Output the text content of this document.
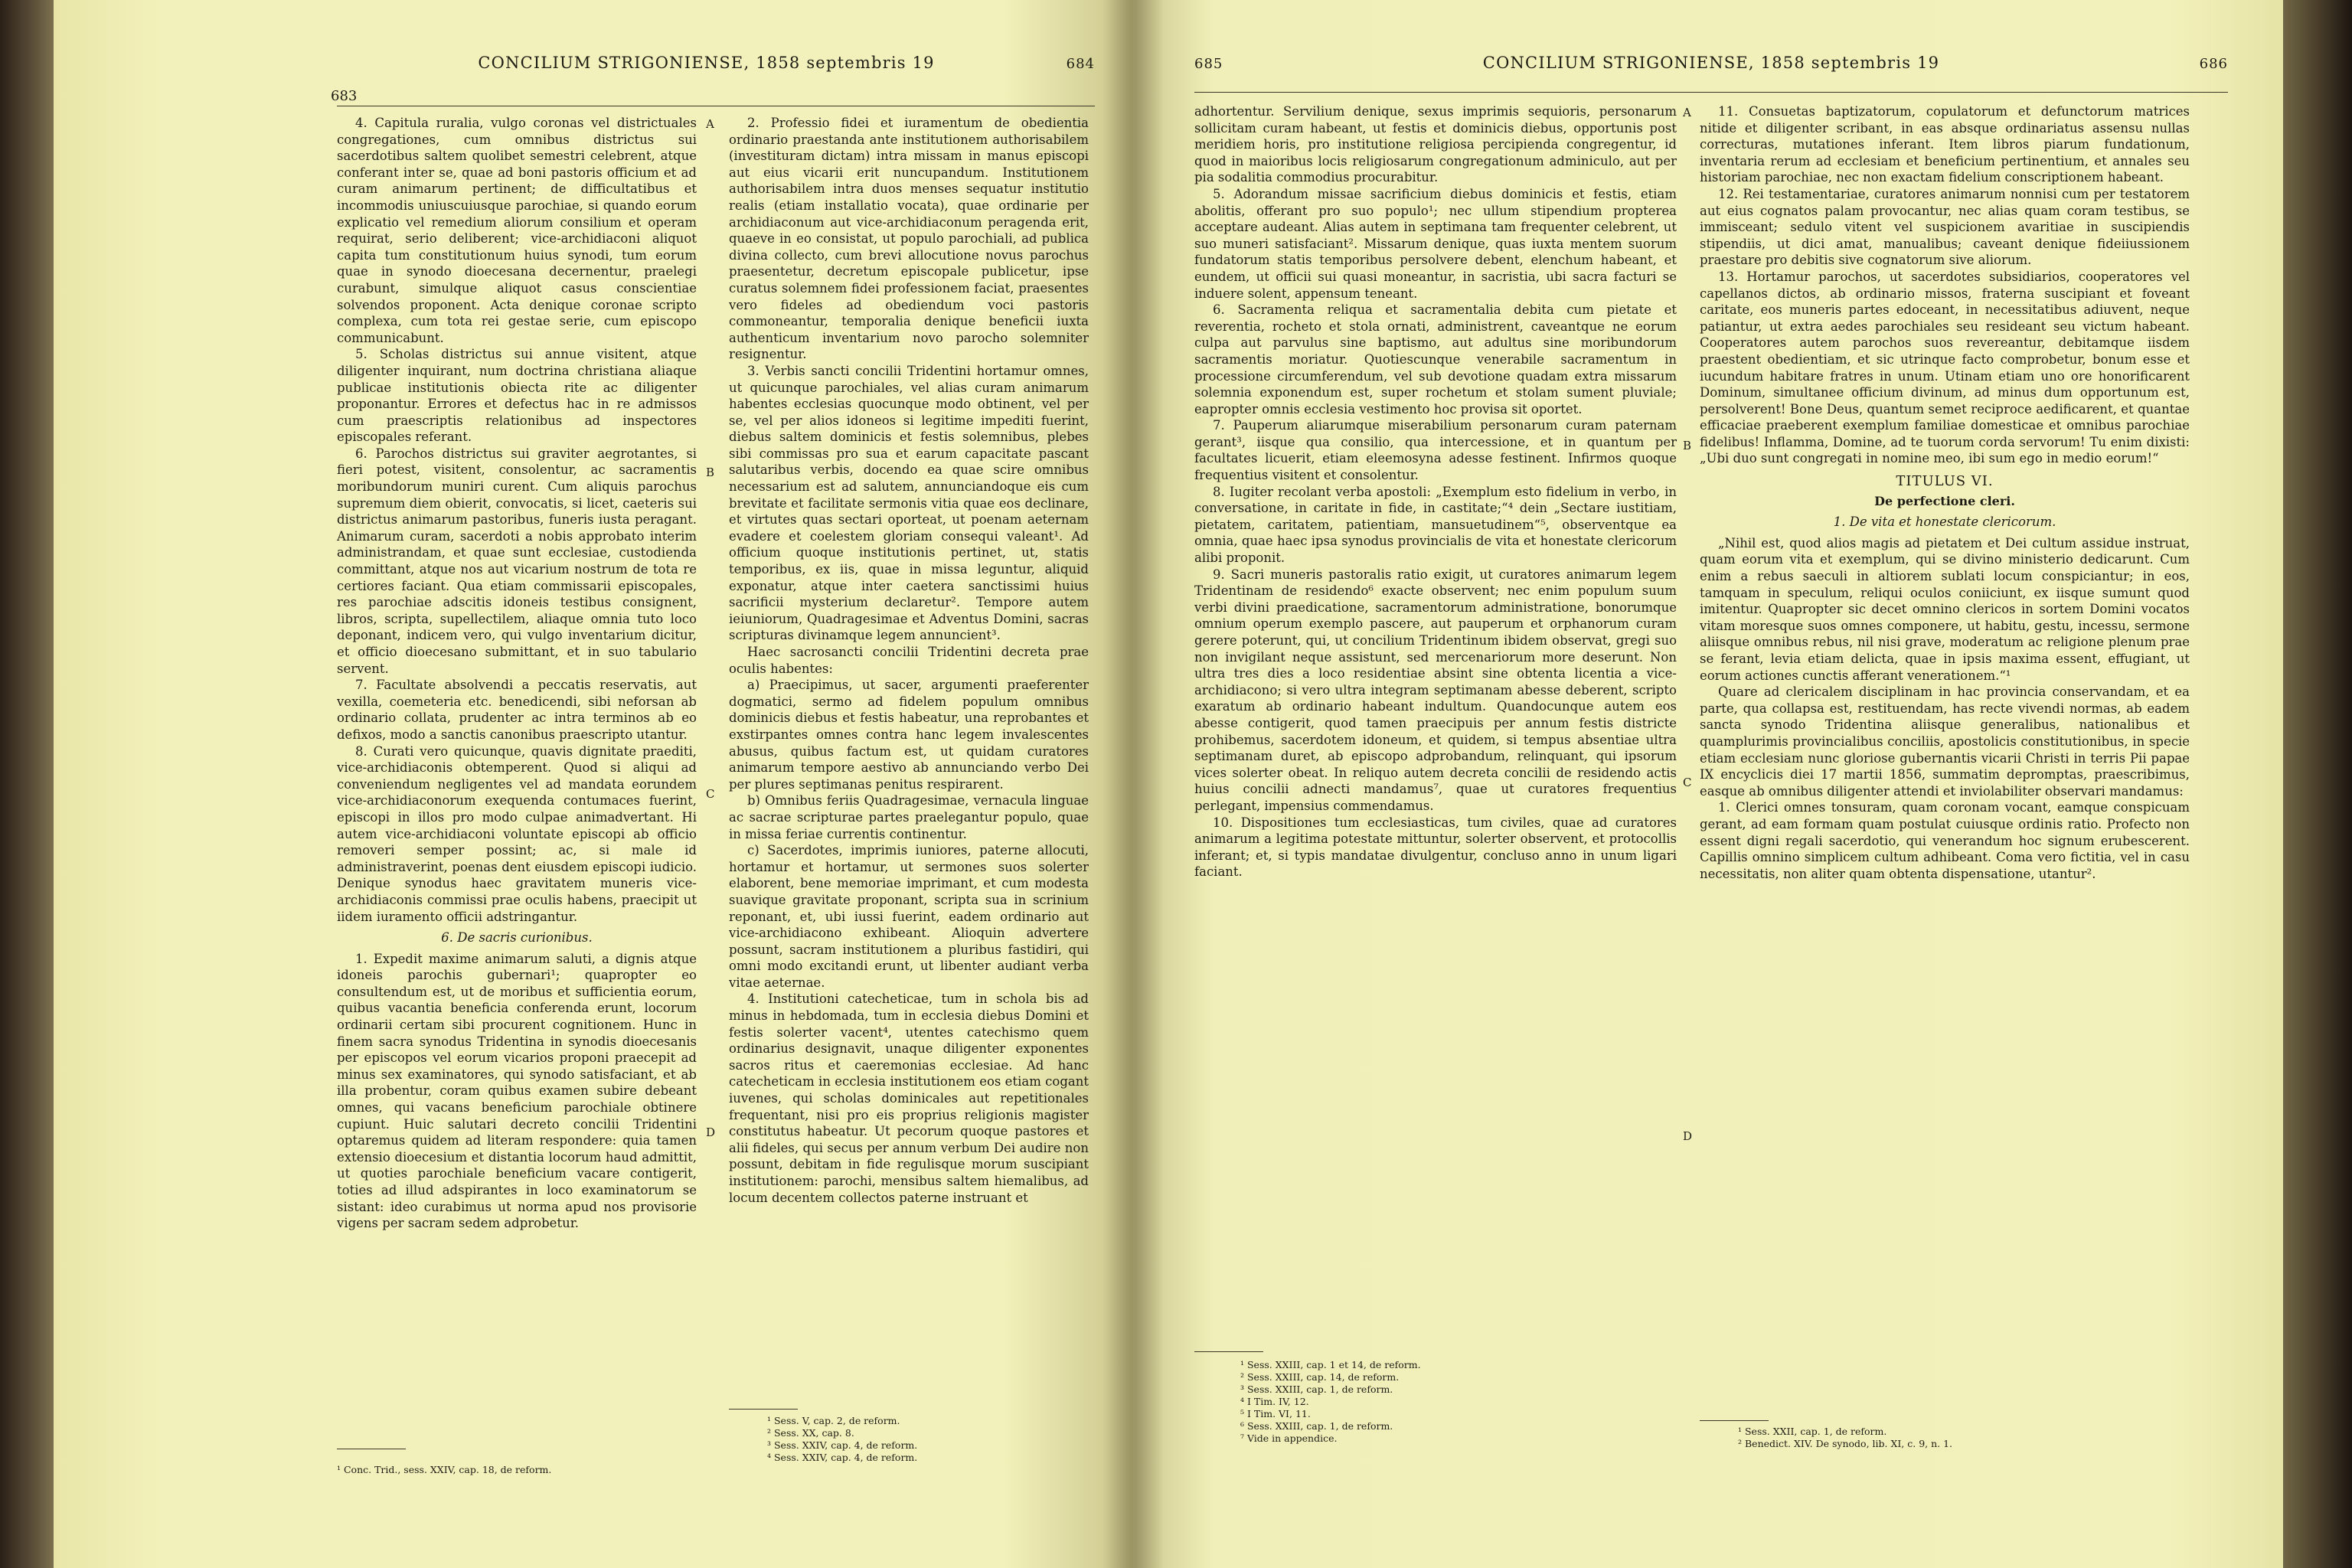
683
CONCILIUM STRIGONIENSE, 1858 septembris 19	684

4. Capitula ruralia, vulgo coronas vel districtuales congregationes, cum omnibus districtus sui sacerdotibus saltem quolibet semestri celebrent, atque conferant inter se, quae ad boni pastoris officium et ad curam animarum pertinent; de difficultatibus et incommodis uniuscuiusque parochiae, si quando eorum explicatio vel remedium aliorum consilium et operam requirat, serio deliberent; vice-archidiaconi aliquot capita tum constitutionum huius synodi, tum eorum quae in synodo dioecesana decernentur, praelegi curabunt, simulque aliquot casus conscientiae solvendos proponent. Acta denique coronae scripto complexa, cum tota rei gestae serie, cum episcopo communicabunt.

5. Scholas districtus sui annue visitent, atque diligenter inquirant, num doctrina christiana aliaque publicae institutionis obiecta rite ac diligenter proponantur. Errores et defectus hac in re admissos cum praescriptis relationibus ad inspectores episcopales referant.

6. Parochos districtus sui graviter aegrotantes, si fieri potest, visitent, consolentur, ac sacramentis moribundorum muniri curent. Cum aliquis parochus supremum diem obierit, convocatis, si licet, caeteris sui districtus animarum pastoribus, funeris iusta peragant. Animarum curam, sacerdoti a nobis approbato interim administrandam, et quae sunt ecclesiae, custodienda committant, atque nos aut vicarium nostrum de tota re certiores faciant. Qua etiam commissarii episcopales, res parochiae adscitis idoneis testibus consignent, libros, scripta, supellectilem, aliaque omnia tuto loco deponant, indicem vero, qui vulgo inventarium dicitur, et officio dioecesano submittant, et in suo tabulario servent.

7. Facultate absolvendi a peccatis reservatis, aut vexilla, coemeteria etc. benedicendi, sibi neforsan ab ordinario collata, prudenter ac intra terminos ab eo defixos, modo a sanctis canonibus praescripto utantur.

8. Curati vero quicunque, quavis dignitate praediti, vice-archidiaconis obtemperent. Quod si aliqui ad conveniendum negligentes vel ad mandata eorundem vice-archidiaconorum exequenda contumaces fuerint, episcopi in illos pro modo culpae animadvertant. Hi autem vice-archidiaconi voluntate episcopi ab officio removeri semper possint; ac, si male id administraverint, poenas dent eiusdem episcopi iudicio. Denique synodus haec gravitatem muneris vice-archidiaconis commissi prae oculis habens, praecipit ut iidem iuramento officii adstringantur.

6. De sacris curionibus.

1. Expedit maxime animarum saluti, a dignis atque idoneis parochis gubernari¹; quapropter eo consultendum est, ut de moribus et sufficientia eorum, quibus vacantia beneficia conferenda erunt, locorum ordinarii certam sibi procurent cognitionem. Hunc in finem sacra synodus Tridentina in synodis dioecesanis per episcopos vel eorum vicarios proponi praecepit ad minus sex examinatores, qui synodo satisfaciant, et ab illa probentur, coram quibus examen subire debeant omnes, qui vacans beneficium parochiale obtinere cupiunt. Huic salutari decreto concilii Tridentini optaremus quidem ad literam respondere: quia tamen extensio dioecesium et distantia locorum haud admittit, ut quoties parochiale beneficium vacare contigerit, toties ad illud adspirantes in loco examinatorum se sistant: ideo curabimus ut norma apud nos provisorie vigens per sacram sedem adprobetur.

A
B
C
D

2. Professio fidei et iuramentum de obedientia ordinario praestanda ante institutionem authorisabilem (investituram dictam) intra missam in manus episcopi aut eius vicarii erit nuncupandum. Institutionem authorisabilem intra duos menses sequatur institutio realis (etiam installatio vocata), quae ordinarie per archidiaconum aut vice-archidiaconum peragenda erit, quaeve in eo consistat, ut populo parochiali, ad publica divina collecto, cum brevi allocutione novus parochus praesentetur, decretum episcopale publicetur, ipse curatus solemnem fidei professionem faciat, praesentes vero fideles ad obediendum voci pastoris commoneantur, temporalia denique beneficii iuxta authenticum inventarium novo parocho solemniter resignentur.

3. Verbis sancti concilii Tridentini hortamur omnes, ut quicunque parochiales, vel alias curam animarum habentes ecclesias quocunque modo obtinent, vel per se, vel per alios idoneos si legitime impediti fuerint, diebus saltem dominicis et festis solemnibus, plebes sibi commissas pro sua et earum capacitate pascant salutaribus verbis, docendo ea quae scire omnibus necessarium est ad salutem, annunciandoque eis cum brevitate et facilitate sermonis vitia quae eos declinare, et virtutes quas sectari oporteat, ut poenam aeternam evadere et coelestem gloriam consequi valeant¹. Ad officium quoque institutionis pertinet, ut, statis temporibus, ex iis, quae in missa leguntur, aliquid exponatur, atque inter caetera sanctissimi huius sacrificii mysterium declaretur². Tempore autem ieiuniorum, Quadragesimae et Adventus Domini, sacras scripturas divinamque legem annuncient³.

Haec sacrosancti concilii Tridentini decreta prae oculis habentes:

a) Praecipimus, ut sacer, argumenti praeferenter dogmatici, sermo ad fidelem populum omnibus dominicis diebus et festis habeatur, una reprobantes et exstirpantes omnes contra hanc legem invalescentes abusus, quibus factum est, ut quidam curatores animarum tempore aestivo ab annunciando verbo Dei per plures septimanas penitus respirarent.

b) Omnibus feriis Quadragesimae, vernacula linguae ac sacrae scripturae partes praelegantur populo, quae in missa feriae currentis continentur.

c) Sacerdotes, imprimis iuniores, paterne allocuti, hortamur et hortamur, ut sermones suos solerter elaborent, bene memoriae imprimant, et cum modesta suavique gravitate proponant, scripta sua in scrinium reponant, et, ubi iussi fuerint, eadem ordinario aut vice-archidiacono exhibeant. Alioquin advertere possunt, sacram institutionem a pluribus fastidiri, qui omni modo excitandi erunt, ut libenter audiant verba vitae aeternae.

4. Institutioni catecheticae, tum in schola bis ad minus in hebdomada, tum in ecclesia diebus Domini et festis solerter vacent⁴, utentes catechismo quem ordinarius designavit, unaque diligenter exponentes sacros ritus et caeremonias ecclesiae. Ad hanc catecheticam in ecclesia institutionem eos etiam cogant iuvenes, qui scholas dominicales aut repetitionales frequentant, nisi pro eis proprius religionis magister constitutus habeatur. Ut pecorum quoque pastores et alii fideles, qui secus per annum verbum Dei audire non possunt, debitam in fide regulisque morum suscipiant institutionem: parochi, mensibus saltem hiemalibus, ad locum decentem collectos paterne instruant et

¹ Conc. Trid., sess. XXIV, cap. 18, de reform.
¹ Sess. V, cap. 2, de reform.
² Sess. XX, cap. 8.
³ Sess. XXIV, cap. 4, de reform.
⁴ Sess. XXIV, cap. 4, de reform.
685	CONCILIUM STRIGONIENSE, 1858 septembris 19	686

adhortentur. Servilium denique, sexus imprimis sequioris, personarum sollicitam curam habeant, ut festis et dominicis diebus, opportunis post meridiem horis, pro institutione religiosa percipienda congregentur, id quod in maioribus locis religiosarum congregationum adminiculo, aut per pia sodalitia commodius procurabitur.

5. Adorandum missae sacrificium diebus dominicis et festis, etiam abolitis, offerant pro suo populo¹; nec ullum stipendium propterea acceptare audeant. Alias autem in septimana tam frequenter celebrent, ut suo muneri satisfaciant². Missarum denique, quas iuxta mentem suorum fundatorum statis temporibus persolvere debent, elenchum habeant, et eundem, ut officii sui quasi moneantur, in sacristia, ubi sacra facturi se induere solent, appensum teneant.

6. Sacramenta reliqua et sacramentalia debita cum pietate et reverentia, rocheto et stola ornati, administrent, caveantque ne eorum culpa aut parvulus sine baptismo, aut adultus sine moribundorum sacramentis moriatur. Quotiescunque venerabile sacramentum in processione circumferendum, vel sub devotione quadam extra missarum solemnia exponendum est, super rochetum et stolam sument pluviale; eapropter omnis ecclesia vestimento hoc provisa sit oportet.

7. Pauperum aliarumque miserabilium personarum curam paternam gerant³, iisque qua consilio, qua intercessione, et in quantum per facultates licuerit, etiam eleemosyna adesse festinent. Infirmos quoque frequentius visitent et consolentur.

8. Iugiter recolant verba apostoli: „Exemplum esto fidelium in verbo, in conversatione, in caritate in fide, in castitate;“⁴ dein „Sectare iustitiam, pietatem, caritatem, patientiam, mansuetudinem“⁵, observentque ea omnia, quae haec ipsa synodus provincialis de vita et honestate clericorum alibi proponit.

9. Sacri muneris pastoralis ratio exigit, ut curatores animarum legem Tridentinam de residendo⁶ exacte observent; nec enim populum suum verbi divini praedicatione, sacramentorum administratione, bonorumque omnium operum exemplo pascere, aut pauperum et orphanorum curam gerere poterunt, qui, ut concilium Tridentinum ibidem observat, gregi suo non invigilant neque assistunt, sed mercenariorum more deserunt. Non ultra tres dies a loco residentiae absint sine obtenta licentia a vice-archidiacono; si vero ultra integram septimanam abesse deberent, scripto exaratum ab ordinario habeant indultum. Quandocunque autem eos abesse contigerit, quod tamen praecipuis per annum festis districte prohibemus, sacerdotem idoneum, et quidem, si tempus absentiae ultra septimanam duret, ab episcopo adprobandum, relinquant, qui ipsorum vices solerter obeat. In reliquo autem decreta concilii de residendo actis huius concilii adnecti mandamus⁷, quae ut curatores frequentius perlegant, impensius commendamus.

10. Dispositiones tum ecclesiasticas, tum civiles, quae ad curatores animarum a legitima potestate mittuntur, solerter observent, et protocollis inferant; et, si typis mandatae divulgentur, concluso anno in unum ligari faciant.

A
B
C
D

11. Consuetas baptizatorum, copulatorum et defunctorum matrices nitide et diligenter scribant, in eas absque ordinariatus assensu nullas correcturas, mutationes inferant. Item libros piarum fundationum, inventaria rerum ad ecclesiam et beneficium pertinentium, et annales seu historiam parochiae, nec non exactam fidelium conscriptionem habeant.

12. Rei testamentariae, curatores animarum nonnisi cum per testatorem aut eius cognatos palam provocantur, nec alias quam coram testibus, se immisceant; sedulo vitent vel suspicionem avaritiae in suscipiendis stipendiis, ut dici amat, manualibus; caveant denique fideiiussionem praestare pro debitis sive cognatorum sive aliorum.

13. Hortamur parochos, ut sacerdotes subsidiarios, cooperatores vel capellanos dictos, ab ordinario missos, fraterna suscipiant et foveant caritate, eos muneris partes edoceant, in necessitatibus adiuvent, neque patiantur, ut extra aedes parochiales seu resideant seu victum habeant. Cooperatores autem parochos suos revereantur, debitamque iisdem praestent obedientiam, et sic utrinque facto comprobetur, bonum esse et iucundum habitare fratres in unum. Utinam etiam uno ore honorificarent Dominum, simultanee officium divinum, ad minus dum opportunum est, persolverent! Bone Deus, quantum semet reciproce aedificarent, et quantae efficaciae praeberent exemplum familiae domesticae et omnibus parochiae fidelibus! Inflamma, Domine, ad te tuorum corda servorum! Tu enim dixisti: „Ubi duo sunt congregati in nomine meo, ibi sum ego in medio eorum!“

TITULUS VI.

De perfectione cleri.

1. De vita et honestate clericorum.

„Nihil est, quod alios magis ad pietatem et Dei cultum assidue instruat, quam eorum vita et exemplum, qui se divino ministerio dedicarunt. Cum enim a rebus saeculi in altiorem sublati locum conspiciantur; in eos, tamquam in speculum, reliqui oculos coniiciunt, ex iisque sumunt quod imitentur. Quapropter sic decet omnino clericos in sortem Domini vocatos vitam moresque suos omnes componere, ut habitu, gestu, incessu, sermone aliisque omnibus rebus, nil nisi grave, moderatum ac religione plenum prae se ferant, levia etiam delicta, quae in ipsis maxima essent, effugiant, ut eorum actiones cunctis afferant venerationem.“¹

Quare ad clericalem disciplinam in hac provincia conservandam, et ea parte, qua collapsa est, restituendam, has recte vivendi normas, ab eadem sancta synodo Tridentina aliisque generalibus, nationalibus et quamplurimis provincialibus conciliis, apostolicis constitutionibus, in specie etiam ecclesiam nunc gloriose gubernantis vicarii Christi in terris Pii papae IX encyclicis diei 17 martii 1856, summatim depromptas, praescribimus, easque ab omnibus diligenter attendi et inviolabiliter observari mandamus:

1. Clerici omnes tonsuram, quam coronam vocant, eamque conspicuam gerant, ad eam formam quam postulat cuiusque ordinis ratio. Profecto non essent digni regali sacerdotio, qui venerandum hoc signum erubescerent. Capillis omnino simplicem cultum adhibeant. Coma vero fictitia, vel in casu necessitatis, non aliter quam obtenta dispensatione, utantur².

¹ Sess. XXIII, cap. 1 et 14, de reform.
² Sess. XXIII, cap. 14, de reform.
³ Sess. XXIII, cap. 1, de reform.
⁴ I Tim. IV, 12.
⁵ I Tim. VI, 11.
⁶ Sess. XXIII, cap. 1, de reform.
⁷ Vide in appendice.
¹ Sess. XXII, cap. 1, de reform.
² Benedict. XIV. De synodo, lib. XI, c. 9, n. 1.
